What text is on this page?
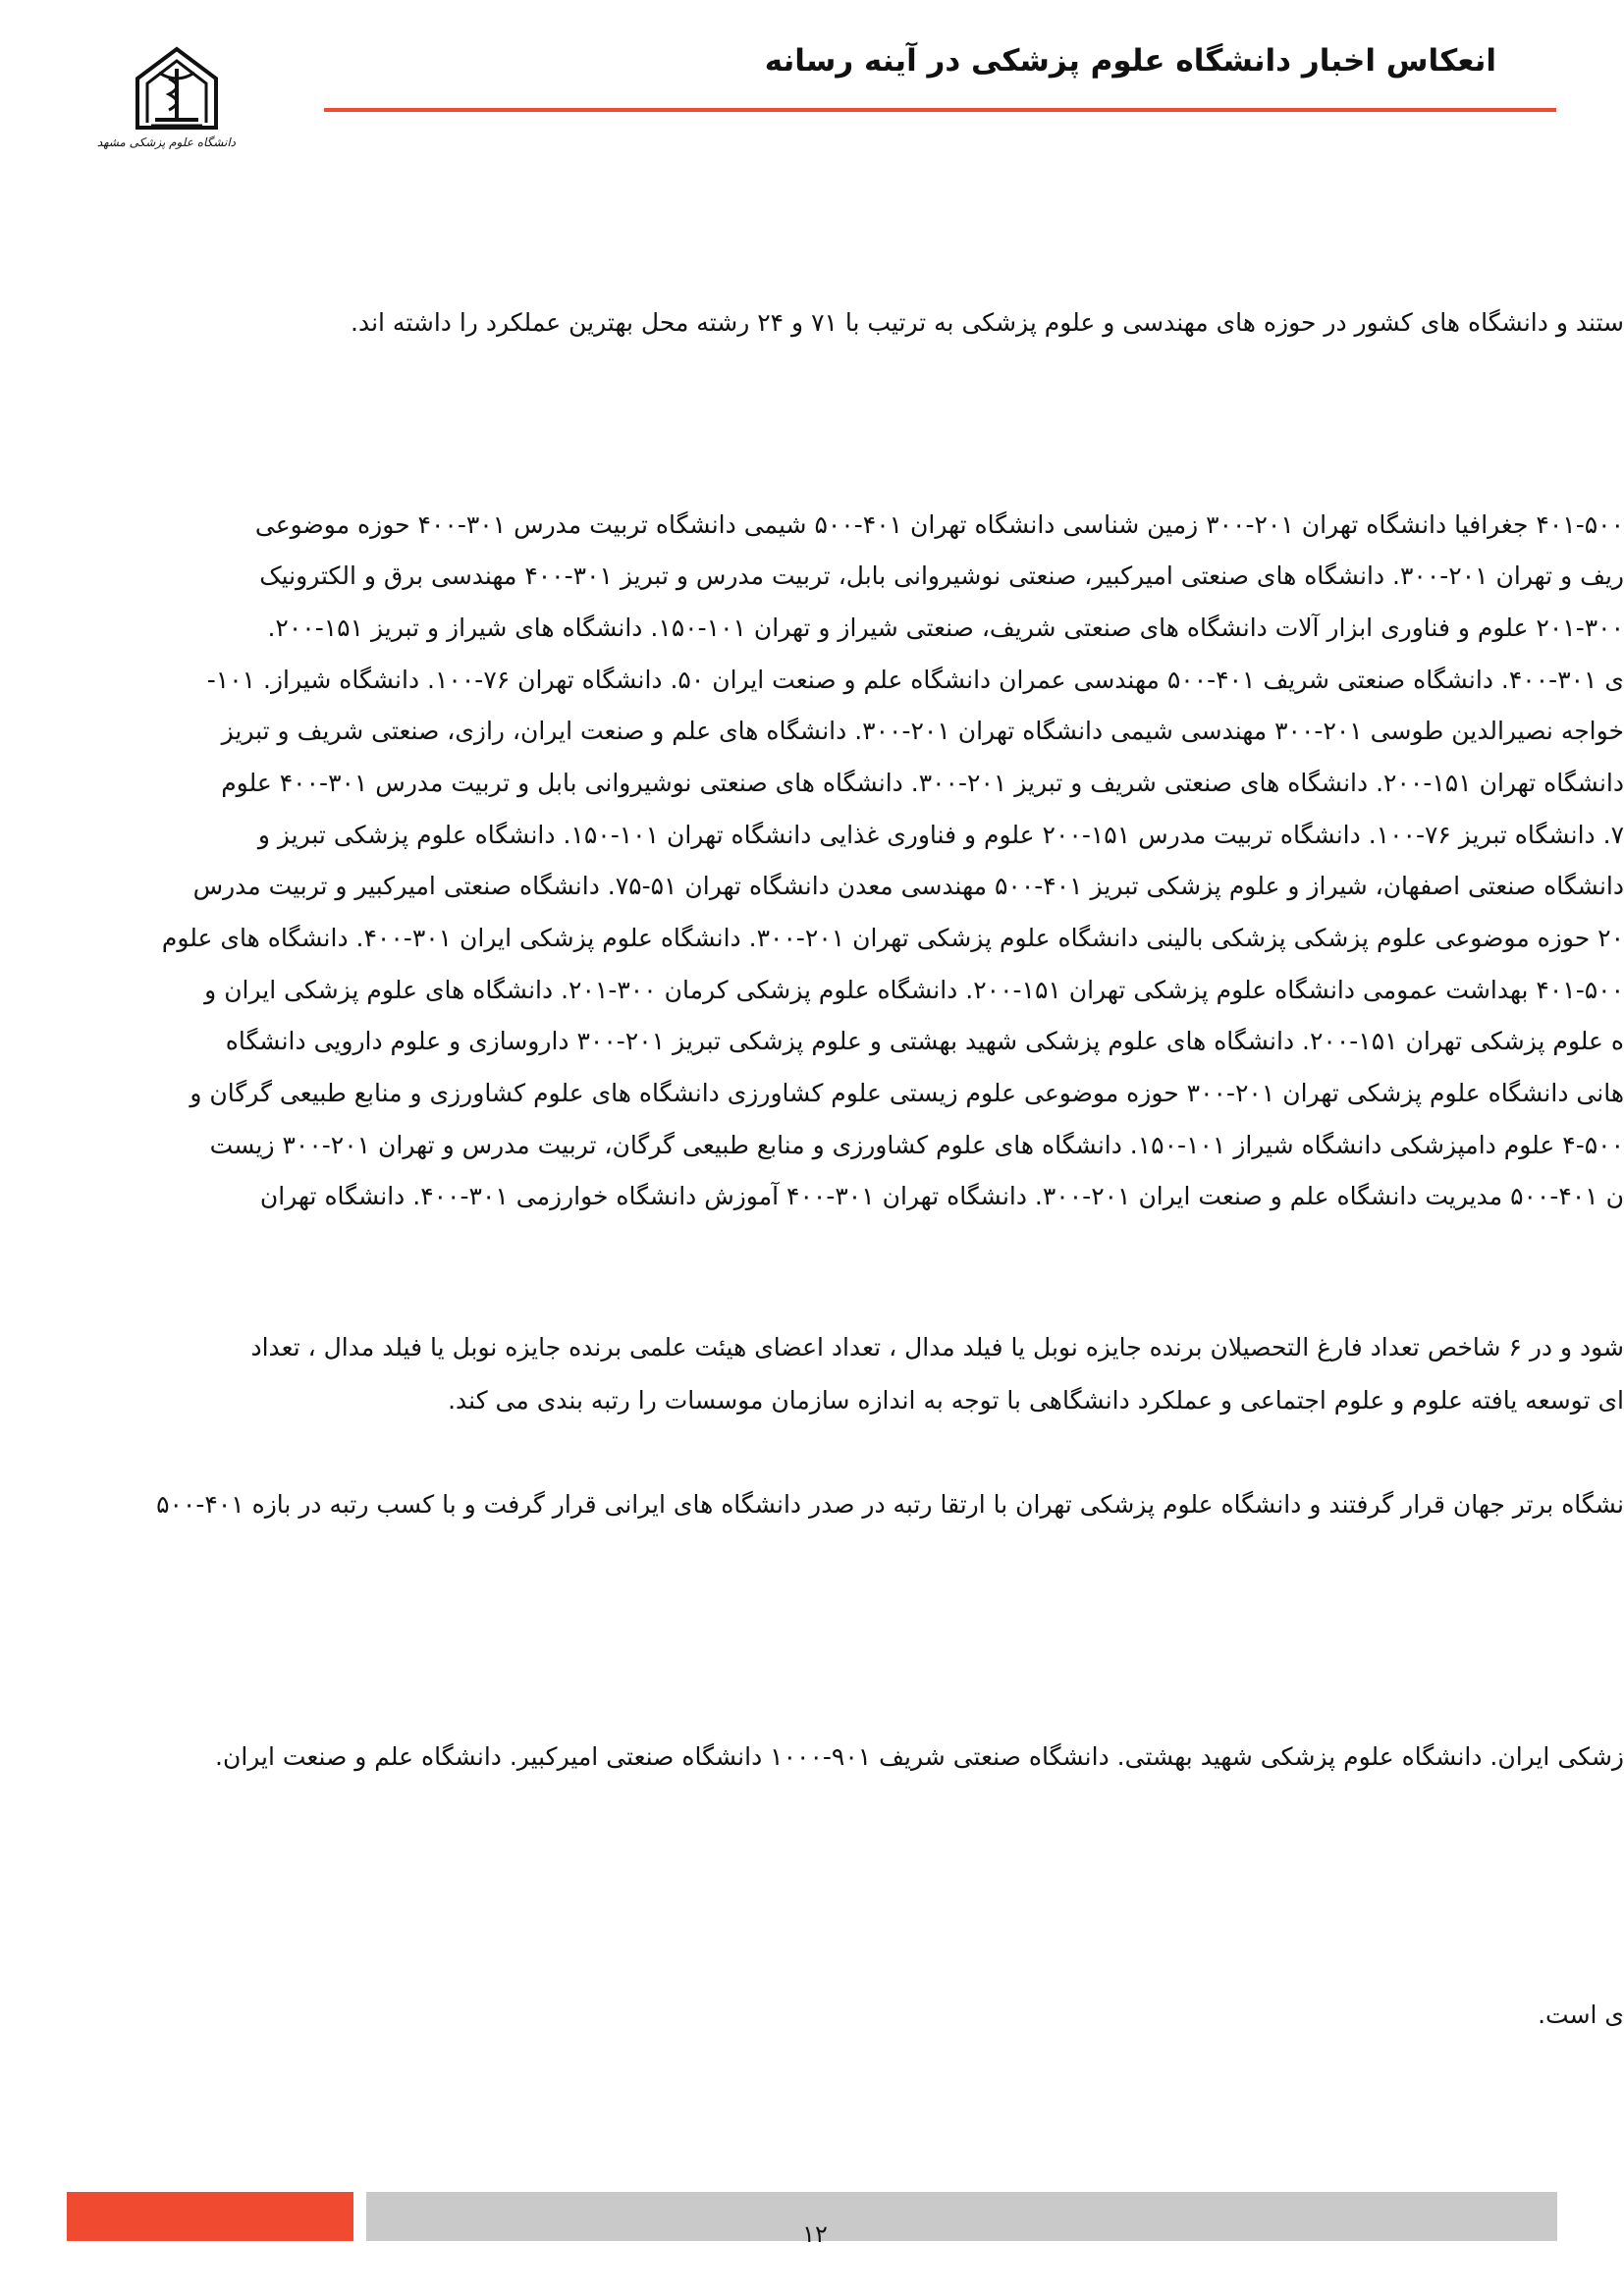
انعکاس اخبار دانشگاه علوم پزشکی در آینه رسانه
دانشگاه علوم پزشکی مشهد
ستند و دانشگاه های کشور در حوزه های مهندسی و علوم پزشکی به ترتیب با ۷۱ و ۲۴ رشته محل بهترین عملکرد را داشته اند.
۴۰۱-۵۰۰ جغرافیا دانشگاه تهران ۲۰۱-۳۰۰ زمین شناسی دانشگاه تهران ۴۰۱-۵۰۰ شیمی دانشگاه تربیت مدرس ۳۰۱-۴۰۰ حوزه موضوعی
ریف و تهران ۲۰۱-۳۰۰. دانشگاه های صنعتی امیرکبیر، صنعتی نوشیروانی بابل، تربیت مدرس و تبریز ۳۰۱-۴۰۰ مهندسی برق و الکترونیک
۲۰۱-۳۰۰ علوم و فناوری ابزار آلات دانشگاه های صنعتی شریف، صنعتی شیراز و تهران ۱۰۱-۱۵۰. دانشگاه های شیراز و تبریز ۱۵۱-۲۰۰.
ی ۳۰۱-۴۰۰. دانشگاه صنعتی شریف ۴۰۱-۵۰۰ مهندسی عمران دانشگاه علم و صنعت ایران ۵۰. دانشگاه تهران ۷۶-۱۰۰. دانشگاه شیراز. ۱۰۱-
خواجه نصیرالدین طوسی ۲۰۱-۳۰۰ مهندسی شیمی دانشگاه تهران ۲۰۱-۳۰۰. دانشگاه های علم و صنعت ایران، رازی، صنعتی شریف و تبریز
دانشگاه تهران ۱۵۱-۲۰۰. دانشگاه های صنعتی شریف و تبریز ۲۰۱-۳۰۰. دانشگاه های صنعتی نوشیروانی بابل و تربیت مدرس ۳۰۱-۴۰۰ علوم
۷. دانشگاه تبریز ۷۶-۱۰۰. دانشگاه تربیت مدرس ۱۵۱-۲۰۰ علوم و فناوری غذایی دانشگاه تهران ۱۰۱-۱۵۰. دانشگاه علوم پزشکی تبریز و
دانشگاه صنعتی اصفهان، شیراز و علوم پزشکی تبریز ۴۰۱-۵۰۰ مهندسی معدن دانشگاه تهران ۵۱-۷۵. دانشگاه صنعتی امیرکبیر و تربیت مدرس
۲۰ حوزه موضوعی علوم پزشکی پزشکی بالینی دانشگاه علوم پزشکی تهران ۲۰۱-۳۰۰. دانشگاه علوم پزشکی ایران ۳۰۱-۴۰۰. دانشگاه های علوم
۴۰۱-۵۰۰ بهداشت عمومی دانشگاه علوم پزشکی تهران ۱۵۱-۲۰۰. دانشگاه علوم پزشکی کرمان ۳۰۰-۲۰۱. دانشگاه های علوم پزشکی ایران و
ه علوم پزشکی تهران ۱۵۱-۲۰۰. دانشگاه های علوم پزشکی شهید بهشتی و علوم پزشکی تبریز ۲۰۱-۳۰۰ داروسازی و علوم دارویی دانشگاه
هانی دانشگاه علوم پزشکی تهران ۲۰۱-۳۰۰ حوزه موضوعی علوم زیستی علوم کشاورزی دانشگاه های علوم کشاورزی و منابع طبیعی گرگان و
۴-۵۰۰ علوم دامپزشکی دانشگاه شیراز ۱۰۱-۱۵۰. دانشگاه های علوم کشاورزی و منابع طبیعی گرگان، تربیت مدرس و تهران ۲۰۱-۳۰۰ زیست
ن ۴۰۱-۵۰۰ مدیریت دانشگاه علم و صنعت ایران ۲۰۱-۳۰۰. دانشگاه تهران ۳۰۱-۴۰۰ آموزش دانشگاه خوارزمی ۳۰۱-۴۰۰. دانشگاه تهران
شود و در ۶ شاخص تعداد فارغ التحصیلان برنده جایزه نوبل یا فیلد مدال ، تعداد اعضای هیئت علمی برنده جایزه نوبل یا فیلد مدال ، تعداد
ای توسعه یافته علوم و علوم اجتماعی و عملکرد دانشگاهی با توجه به اندازه سازمان موسسات را رتبه بندی می کند.
نشگاه برتر جهان قرار گرفتند و دانشگاه علوم پزشکی تهران با ارتقا رتبه در صدر دانشگاه های ایرانی قرار گرفت و با کسب رتبه در بازه ۴۰۱-۵۰۰
زشکی ایران. دانشگاه علوم پزشکی شهید بهشتی. دانشگاه صنعتی شریف ۹۰۱-۱۰۰۰ دانشگاه صنعتی امیرکبیر. دانشگاه علم و صنعت ایران.
ی است.
۱۲
